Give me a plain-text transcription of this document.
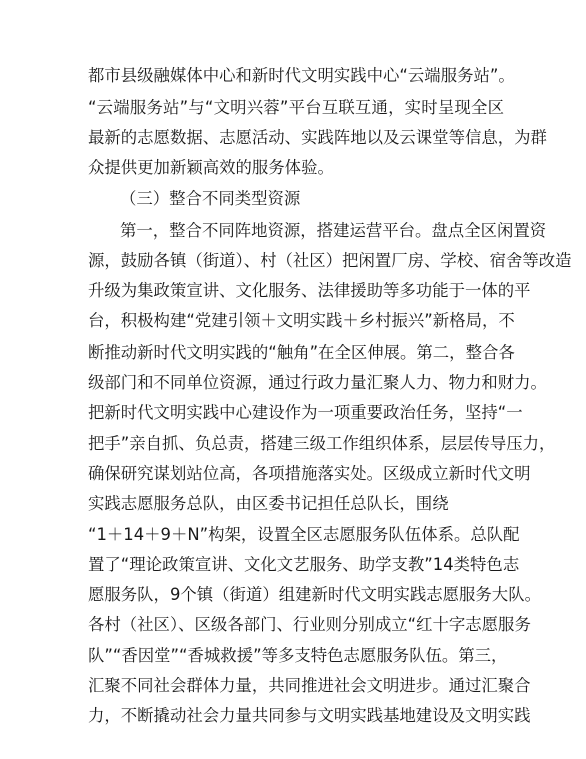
都市县级融媒体中心和新时代文明实践中心“云端服务站”。
“云端服务站”与“文明兴蓉”平台互联互通，实时呈现全区
最新的志愿数据、志愿活动、实践阵地以及云课堂等信息，为群
众提供更加新颖高效的服务体验。
（三）整合不同类型资源
第一，整合不同阵地资源，搭建运营平台。盘点全区闲置资
源，鼓励各镇（街道）、村（社区）把闲置厂房、学校、宿舍等改造
升级为集政策宣讲、文化服务、法律援助等多功能于一体的平
台，积极构建“党建引领＋文明实践＋乡村振兴”新格局，不
断推动新时代文明实践的“触角”在全区伸展。第二，整合各
级部门和不同单位资源，通过行政力量汇聚人力、物力和财力。
把新时代文明实践中心建设作为一项重要政治任务，坚持“一
把手”亲自抓、负总责，搭建三级工作组织体系，层层传导压力，
确保研究谋划站位高，各项措施落实处。区级成立新时代文明
实践志愿服务总队，由区委书记担任总队长，围绕
“1＋14＋9＋N”构架，设置全区志愿服务队伍体系。总队配
置了“理论政策宣讲、文化文艺服务、助学支教”14类特色志
愿服务队，9个镇（街道）组建新时代文明实践志愿服务大队。
各村（社区）、区级各部门、行业则分别成立“红十字志愿服务
队”“香因堂”“香城救援”等多支特色志愿服务队伍。第三，
汇聚不同社会群体力量，共同推进社会文明进步。通过汇聚合
力，不断撬动社会力量共同参与文明实践基地建设及文明实践
